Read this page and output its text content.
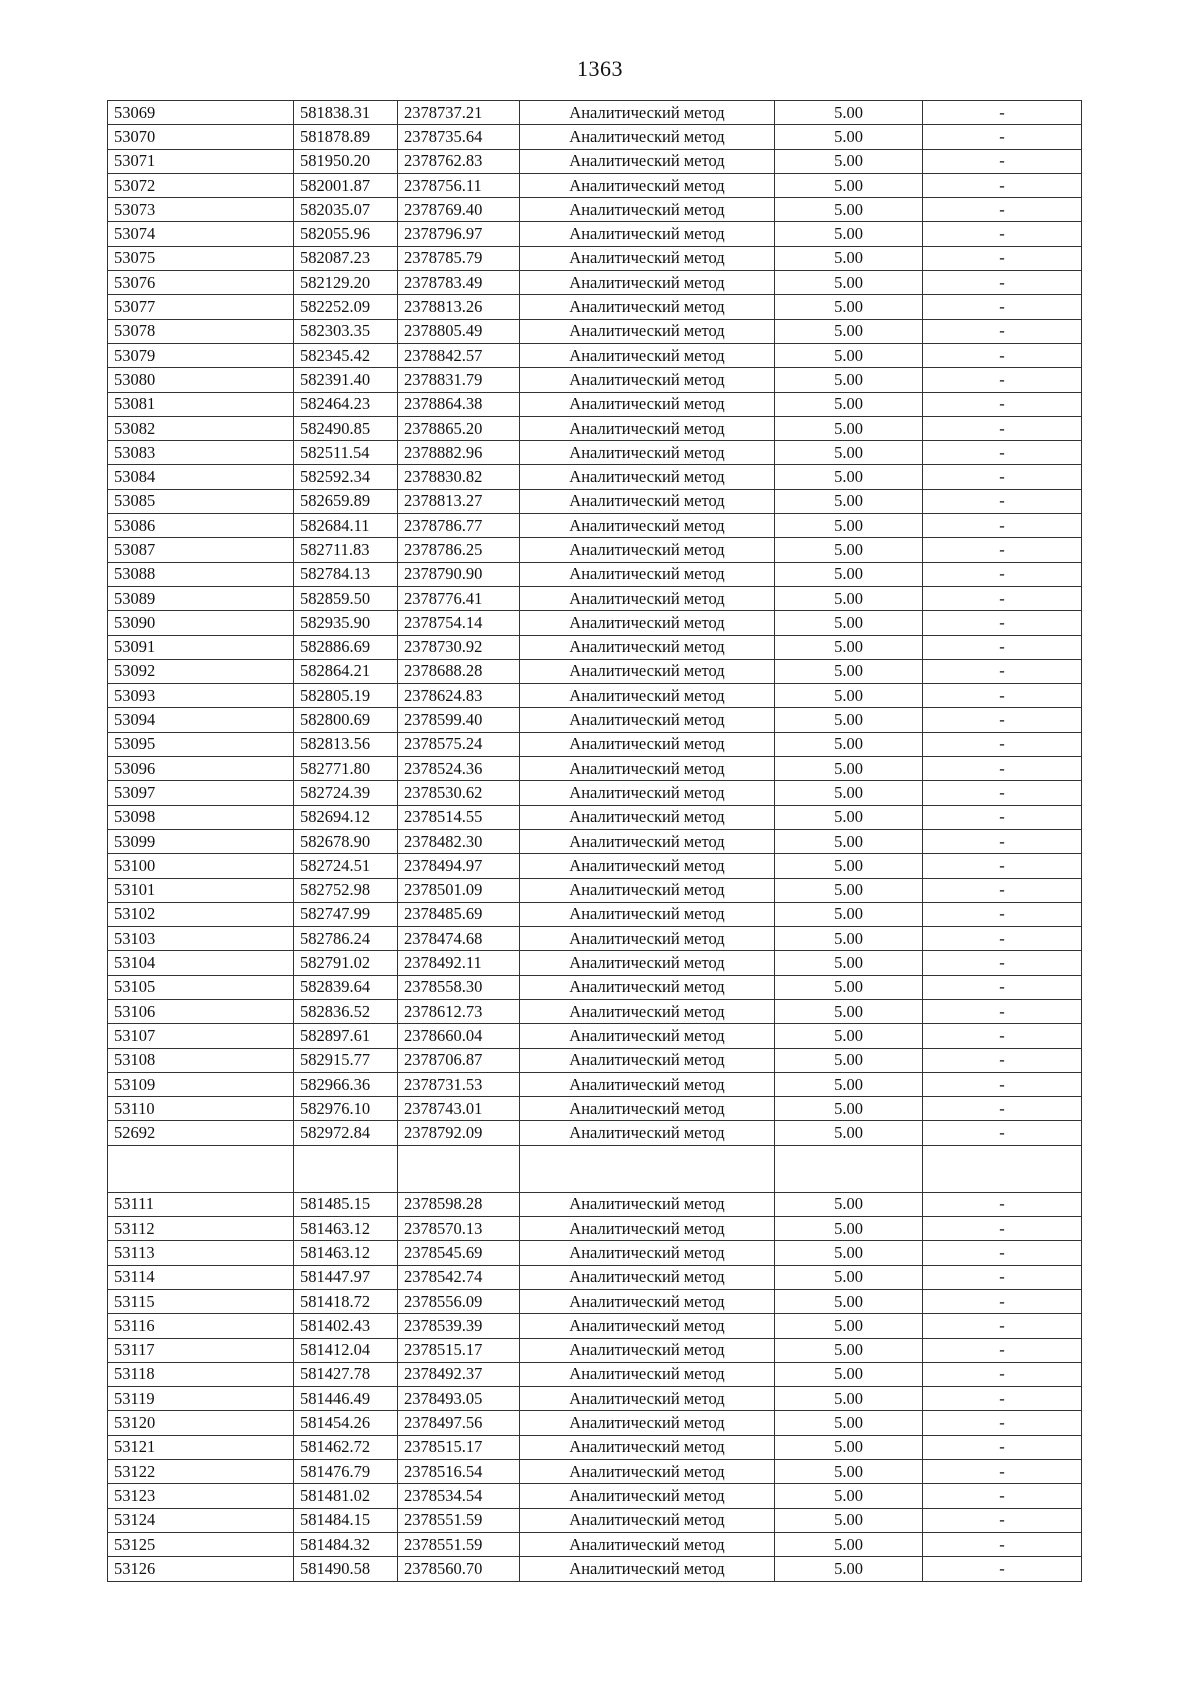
1363
53069	581838.31	2378737.21	Аналитический метод	5.00	-
53070	581878.89	2378735.64	Аналитический метод	5.00	-
53071	581950.20	2378762.83	Аналитический метод	5.00	-
53072	582001.87	2378756.11	Аналитический метод	5.00	-
53073	582035.07	2378769.40	Аналитический метод	5.00	-
53074	582055.96	2378796.97	Аналитический метод	5.00	-
53075	582087.23	2378785.79	Аналитический метод	5.00	-
53076	582129.20	2378783.49	Аналитический метод	5.00	-
53077	582252.09	2378813.26	Аналитический метод	5.00	-
53078	582303.35	2378805.49	Аналитический метод	5.00	-
53079	582345.42	2378842.57	Аналитический метод	5.00	-
53080	582391.40	2378831.79	Аналитический метод	5.00	-
53081	582464.23	2378864.38	Аналитический метод	5.00	-
53082	582490.85	2378865.20	Аналитический метод	5.00	-
53083	582511.54	2378882.96	Аналитический метод	5.00	-
53084	582592.34	2378830.82	Аналитический метод	5.00	-
53085	582659.89	2378813.27	Аналитический метод	5.00	-
53086	582684.11	2378786.77	Аналитический метод	5.00	-
53087	582711.83	2378786.25	Аналитический метод	5.00	-
53088	582784.13	2378790.90	Аналитический метод	5.00	-
53089	582859.50	2378776.41	Аналитический метод	5.00	-
53090	582935.90	2378754.14	Аналитический метод	5.00	-
53091	582886.69	2378730.92	Аналитический метод	5.00	-
53092	582864.21	2378688.28	Аналитический метод	5.00	-
53093	582805.19	2378624.83	Аналитический метод	5.00	-
53094	582800.69	2378599.40	Аналитический метод	5.00	-
53095	582813.56	2378575.24	Аналитический метод	5.00	-
53096	582771.80	2378524.36	Аналитический метод	5.00	-
53097	582724.39	2378530.62	Аналитический метод	5.00	-
53098	582694.12	2378514.55	Аналитический метод	5.00	-
53099	582678.90	2378482.30	Аналитический метод	5.00	-
53100	582724.51	2378494.97	Аналитический метод	5.00	-
53101	582752.98	2378501.09	Аналитический метод	5.00	-
53102	582747.99	2378485.69	Аналитический метод	5.00	-
53103	582786.24	2378474.68	Аналитический метод	5.00	-
53104	582791.02	2378492.11	Аналитический метод	5.00	-
53105	582839.64	2378558.30	Аналитический метод	5.00	-
53106	582836.52	2378612.73	Аналитический метод	5.00	-
53107	582897.61	2378660.04	Аналитический метод	5.00	-
53108	582915.77	2378706.87	Аналитический метод	5.00	-
53109	582966.36	2378731.53	Аналитический метод	5.00	-
53110	582976.10	2378743.01	Аналитический метод	5.00	-
52692	582972.84	2378792.09	Аналитический метод	5.00	-

53111	581485.15	2378598.28	Аналитический метод	5.00	-
53112	581463.12	2378570.13	Аналитический метод	5.00	-
53113	581463.12	2378545.69	Аналитический метод	5.00	-
53114	581447.97	2378542.74	Аналитический метод	5.00	-
53115	581418.72	2378556.09	Аналитический метод	5.00	-
53116	581402.43	2378539.39	Аналитический метод	5.00	-
53117	581412.04	2378515.17	Аналитический метод	5.00	-
53118	581427.78	2378492.37	Аналитический метод	5.00	-
53119	581446.49	2378493.05	Аналитический метод	5.00	-
53120	581454.26	2378497.56	Аналитический метод	5.00	-
53121	581462.72	2378515.17	Аналитический метод	5.00	-
53122	581476.79	2378516.54	Аналитический метод	5.00	-
53123	581481.02	2378534.54	Аналитический метод	5.00	-
53124	581484.15	2378551.59	Аналитический метод	5.00	-
53125	581484.32	2378551.59	Аналитический метод	5.00	-
53126	581490.58	2378560.70	Аналитический метод	5.00	-
